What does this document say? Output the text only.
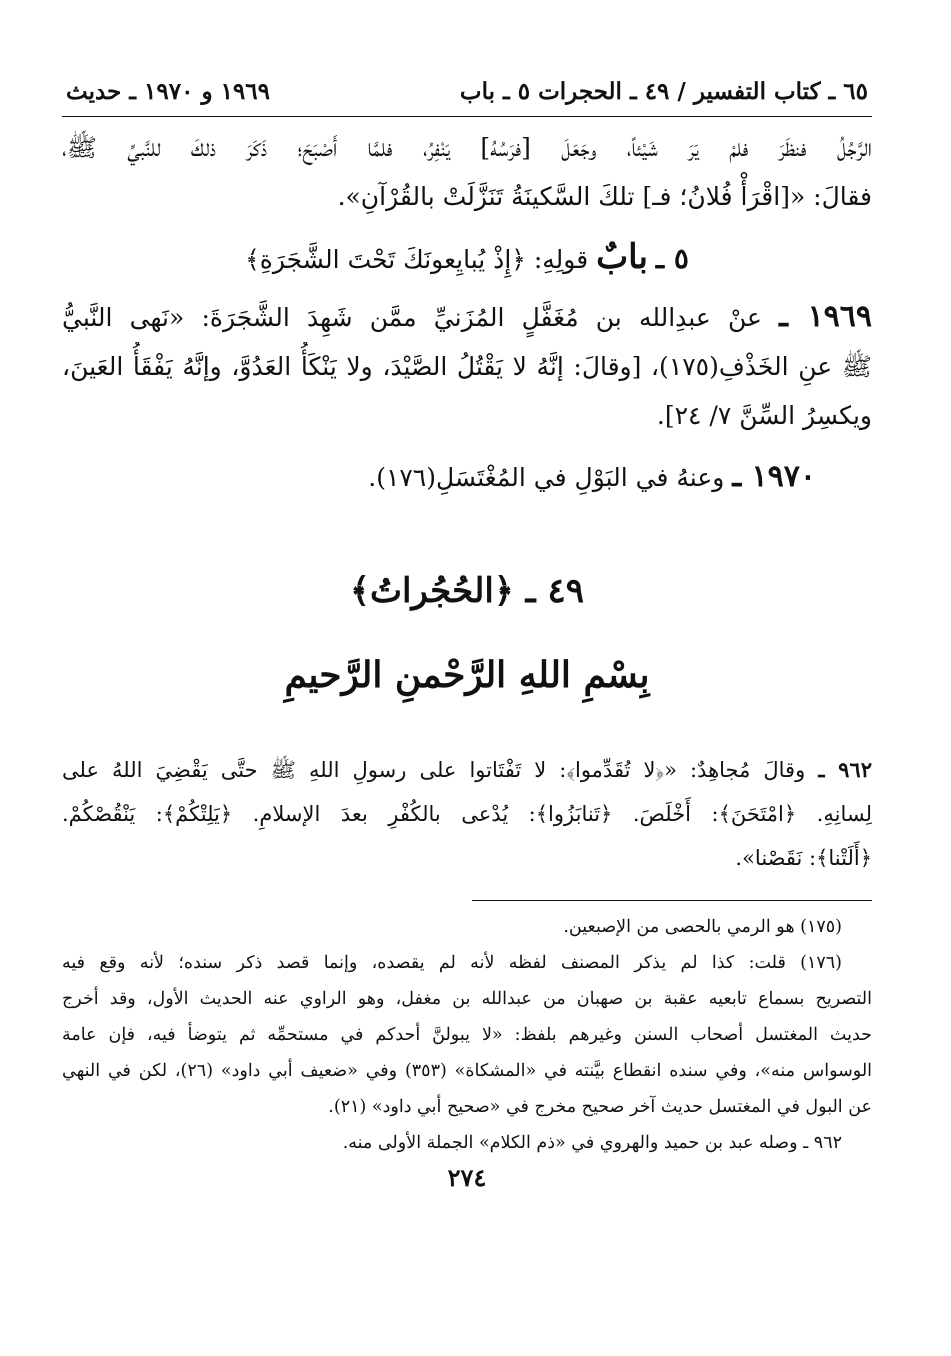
٦٥ ـ كتاب التفسير / ٤٩ ـ الحجرات ٥ ـ باب
١٩٦٩ و ١٩٧٠ ـ حديث
الرَّجُلُ فنظَرَ فلمْ يَرَ شَيْئاً، وجَعَلَ [فرَسُهُ] يَنْفِرُ، فلمَّا أَصْبَحَ؛ ذَكَرَ ذلكَ للنَّبيِّ ﷺ،
فقالَ: «[اقْرَأْ فُلانُ؛ فـ] تلكَ السَّكينَةُ تَنَزَّلَتْ بالقُرْآنِ».
٥ ـ بابٌ قولِهِ: ﴿إِذْ يُبايِعونَكَ تَحْتَ الشَّجَرَةِ﴾
١٩٦٩ ـ عنْ عبدِالله بن مُغَفَّلٍ المُزَنيِّ ممَّن شَهِدَ الشَّجَرَةَ: «نَهى النَّبيُّ
ﷺ عنِ الخَذْفِ(١٧٥)، [وقالَ: إنَّهُ لا يَقْتُلُ الصَّيْدَ، ولا يَنْكَأُ العَدُوَّ، وإنَّهُ يَفْقَأُ العَينَ،
ويكسِرُ السِّنَّ ٧/ ٢٤].
١٩٧٠ ـ وعنهُ في البَوْلِ في المُغْتَسَلِ(١٧٦).
٤٩ ـ ﴿الحُجُراتُ﴾
بِسْمِ اللهِ الرَّحْمنِ الرَّحيمِ
٩٦٢ ـ وقالَ مُجاهِدٌ: «﴿لا تُقَدِّموا﴾: لا تَفْتَاتوا على رسولِ اللهِ ﷺ حتَّى يَقْضِيَ اللهُ على
لِسانِهِ. ﴿امْتَحَنَ﴾: أَخْلَصَ. ﴿تَنابَزُوا﴾: يُدْعى بالكُفْرِ بعدَ الإسلامِ. ﴿يَلِتْكُمْ﴾: يَنْقُصْكُمْ.
﴿أَلَتْنا﴾: نَقَصْنا».
(١٧٥) هو الرمي بالحصى من الإصبعين.
(١٧٦) قلت: كذا لم يذكر المصنف لفظه لأنه لم يقصده، وإنما قصد ذكر سنده؛ لأنه وقع فيه
التصريح بسماع تابعيه عقبة بن صهبان من عبدالله بن مغفل، وهو الراوي عنه الحديث الأول، وقد أخرج
حديث المغتسل أصحاب السنن وغيرهم بلفظ: «لا يبولنَّ أحدكم في مستحمِّه ثم يتوضأ فيه، فإن عامة
الوسواس منه»، وفي سنده انقطاع بيَّنته في «المشكاة» (٣٥٣) وفي «ضعيف أبي داود» (٢٦)، لكن في النهي
عن البول في المغتسل حديث آخر صحيح مخرج في «صحيح أبي داود» (٢١).
٩٦٢ ـ وصله عبد بن حميد والهروي في «ذم الكلام» الجملة الأولى منه.
٢٧٤
